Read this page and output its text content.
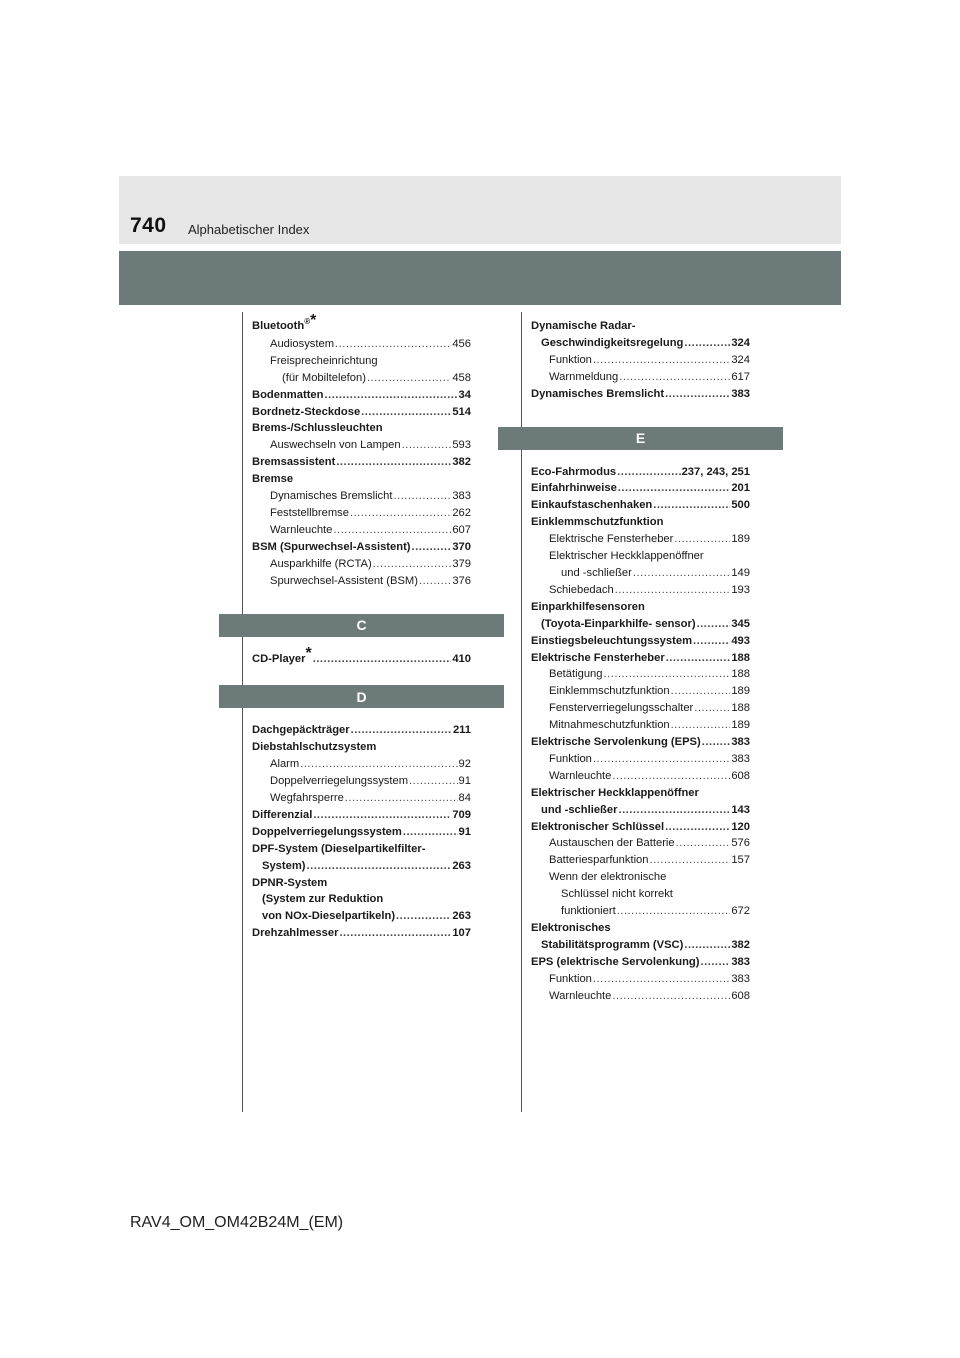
740 Alphabetischer Index
Bluetooth®*
Audiosystem .....	456
Freisprecheinrichtung
(für Mobiltelefon) .....	458
Bodenmatten .....	34
Bordnetz-Steckdose .....	514
Brems-/Schlussleuchten
Auswechseln von Lampen .....	593
Bremsassistent .....	382
Bremse
Dynamisches Bremslicht .....	383
Feststellbremse .....	262
Warnleuchte .....	607
BSM (Spurwechsel-Assistent) .....	370
Ausparkhilfe (RCTA) .....	379
Spurwechsel-Assistent (BSM) .....	376
C
CD-Player* .....	410
D
Dachgepäckträger .....	211
Diebstahlschutzsystem
Alarm .....	92
Doppelverriegelungssystem .....	91
Wegfahrsperre .....	84
Differenzial .....	709
Doppelverriegelungssystem .....	91
DPF-System (Dieselpartikelfilter-
System) .....	263
DPNR-System
(System zur Reduktion
von NOx-Dieselpartikeln) .....	263
Drehzahlmesser .....	107
Dynamische Radar-
Geschwindigkeitsregelung .....	324
Funktion .....	324
Warnmeldung .....	617
Dynamisches Bremslicht .....	383
E
Eco-Fahrmodus .....	237, 243, 251
Einfahrhinweise .....	201
Einkaufstaschenhaken .....	500
Einklemmschutzfunktion
Elektrische Fensterheber .....	189
Elektrischer Heckklappenöffner
und -schließer .....	149
Schiebedach .....	193
Einparkhilfesensoren
(Toyota-Einparkhilfe- sensor) .....	345
Einstiegsbeleuchtungssystem .....	493
Elektrische Fensterheber .....	188
Betätigung .....	188
Einklemmschutzfunktion .....	189
Fensterverriegelungsschalter .....	188
Mitnahmeschutzfunktion .....	189
Elektrische Servolenkung (EPS) .....	383
Funktion .....	383
Warnleuchte .....	608
Elektrischer Heckklappenöffner
und -schließer .....	143
Elektronischer Schlüssel .....	120
Austauschen der Batterie .....	576
Batteriesparfunktion .....	157
Wenn der elektronische
Schlüssel nicht korrekt
funktioniert .....	672
Elektronisches
Stabilitätsprogramm (VSC) .....	382
EPS (elektrische Servolenkung) .....	383
Funktion .....	383
Warnleuchte .....	608
RAV4_OM_OM42B24M_(EM)
